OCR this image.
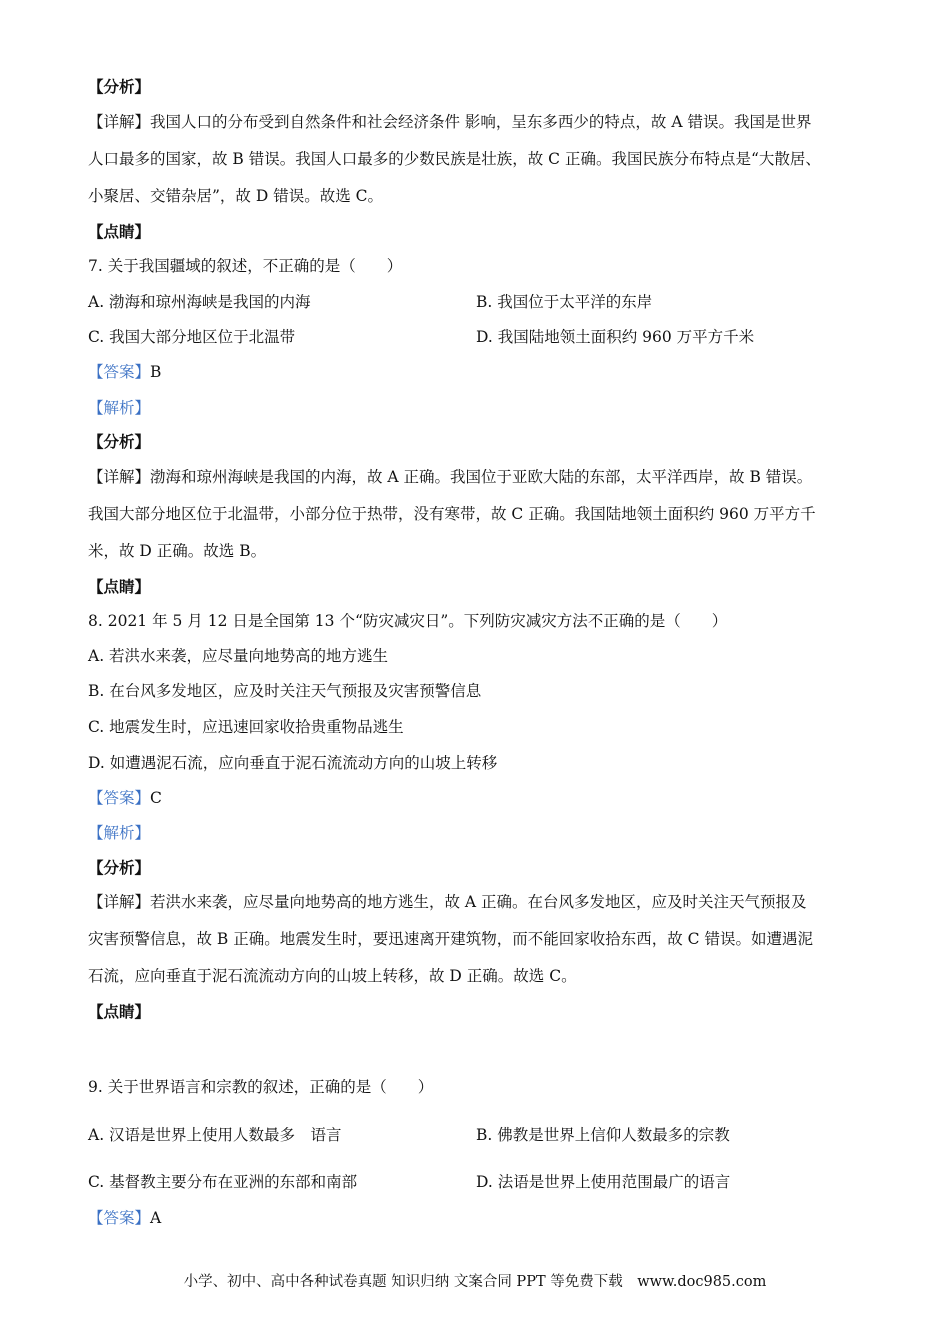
【分析】
【详解】我国人口的分布受到自然条件和社会经济条件 影响，呈东多西少的特点，故 A 错误。我国是世界
人口最多的国家，故 B 错误。我国人口最多的少数民族是壮族，故 C 正确。我国民族分布特点是“大散居、
小聚居、交错杂居”，故 D 错误。故选 C。
【点睛】
7. 关于我国疆域的叙述，不正确的是（　　）
A. 渤海和琼州海峡是我国的内海	B. 我国位于太平洋的东岸
C. 我国大部分地区位于北温带	D. 我国陆地领土面积约 960 万平方千米
【答案】B
【解析】
【分析】
【详解】渤海和琼州海峡是我国的内海，故 A 正确。我国位于亚欧大陆的东部，太平洋西岸，故 B 错误。
我国大部分地区位于北温带，小部分位于热带，没有寒带，故 C 正确。我国陆地领土面积约 960 万平方千
米，故 D 正确。故选 B。
【点睛】
8. 2021 年 5 月 12 日是全国第 13 个“防灾减灾日”。下列防灾减灾方法不正确的是（　　）
A. 若洪水来袭，应尽量向地势高的地方逃生
B. 在台风多发地区，应及时关注天气预报及灾害预警信息
C. 地震发生时，应迅速回家收拾贵重物品逃生
D. 如遭遇泥石流，应向垂直于泥石流流动方向的山坡上转移
【答案】C
【解析】
【分析】
【详解】若洪水来袭，应尽量向地势高的地方逃生，故 A 正确。在台风多发地区，应及时关注天气预报及
灾害预警信息，故 B 正确。地震发生时，要迅速离开建筑物，而不能回家收拾东西，故 C 错误。如遭遇泥
石流，应向垂直于泥石流流动方向的山坡上转移，故 D 正确。故选 C。
【点睛】
9. 关于世界语言和宗教的叙述，正确的是（　　）
A. 汉语是世界上使用人数最多　语言	B. 佛教是世界上信仰人数最多的宗教
C. 基督教主要分布在亚洲的东部和南部	D. 法语是世界上使用范围最广的语言
【答案】A
小学、初中、高中各种试卷真题 知识归纳 文案合同 PPT 等免费下载　www.doc985.com
